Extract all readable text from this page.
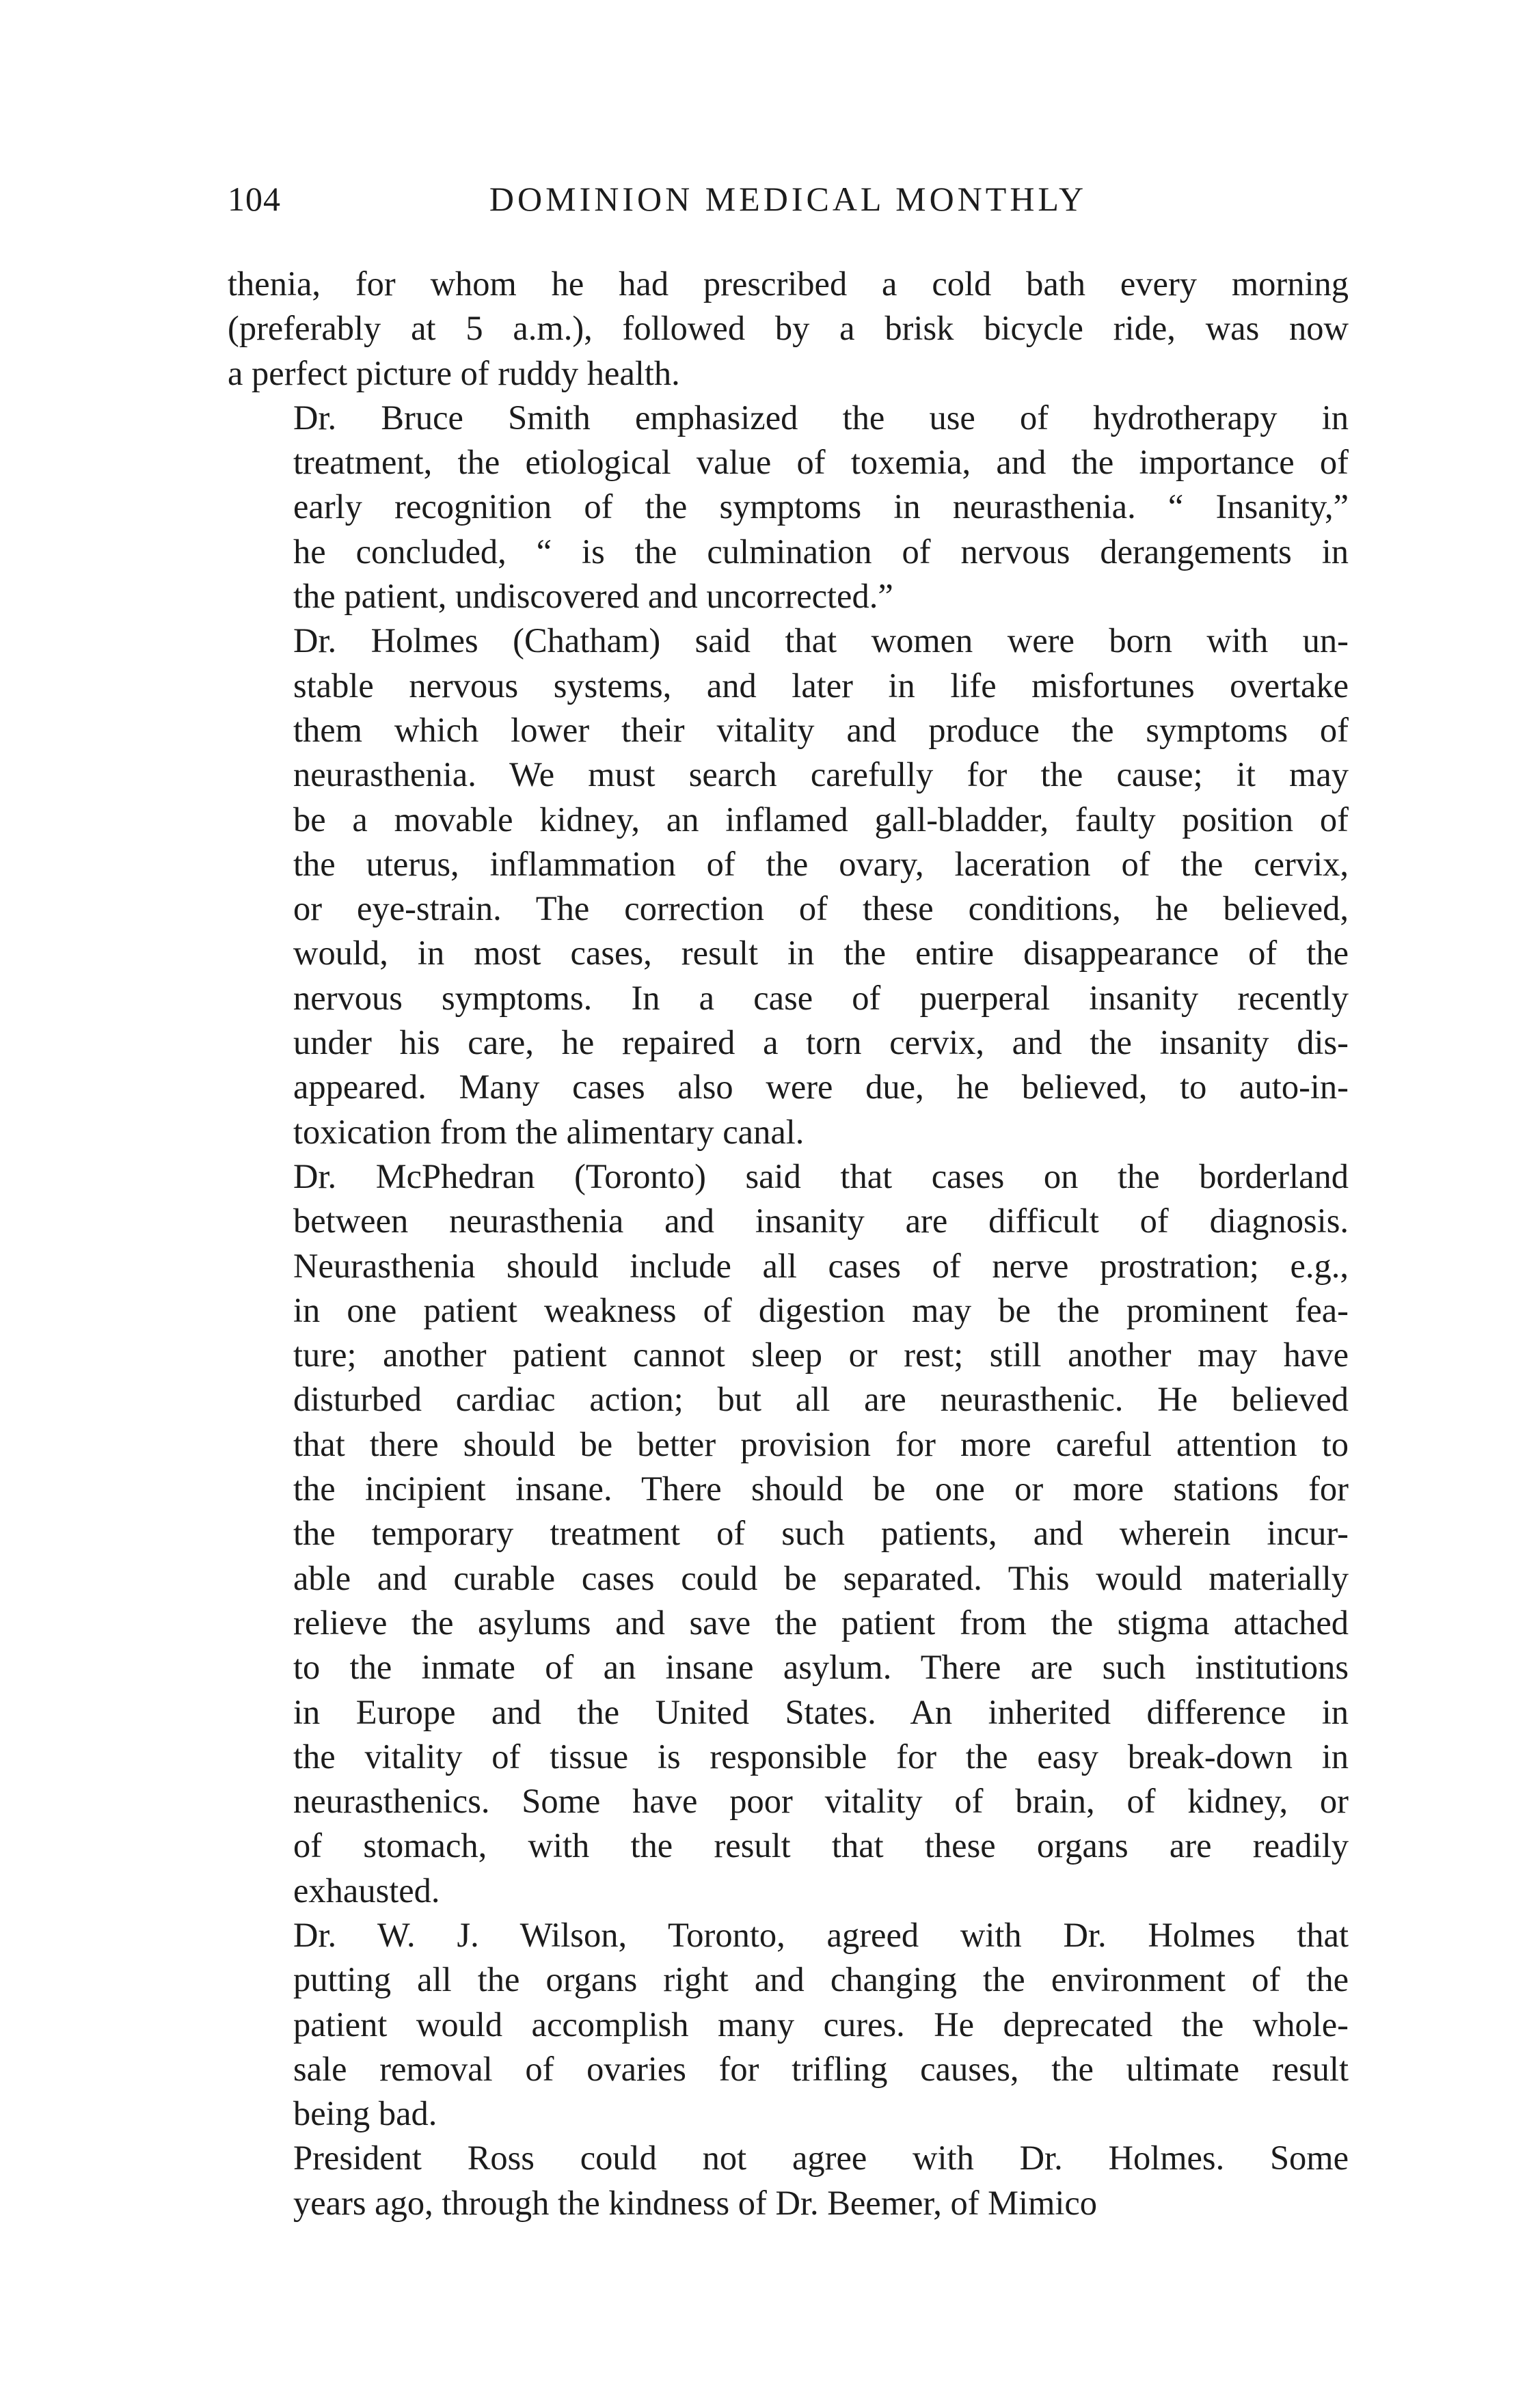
104	DOMINION MEDICAL MONTHLY

thenia, for whom he had prescribed a cold bath every morning
(preferably at 5 a.m.), followed by a brisk bicycle ride, was now
a perfect picture of ruddy health.

Dr. Bruce Smith emphasized the use of hydrotherapy in
treatment, the etiological value of toxemia, and the importance of
early recognition of the symptoms in neurasthenia. “ Insanity,”
he concluded, “ is the culmination of nervous derangements in
the patient, undiscovered and uncorrected.”

Dr. Holmes (Chatham) said that women were born with un-
stable nervous systems, and later in life misfortunes overtake
them which lower their vitality and produce the symptoms of
neurasthenia. We must search carefully for the cause; it may
be a movable kidney, an inflamed gall-bladder, faulty position of
the uterus, inflammation of the ovary, laceration of the cervix,
or eye-strain. The correction of these conditions, he believed,
would, in most cases, result in the entire disappearance of the
nervous symptoms. In a case of puerperal insanity recently
under his care, he repaired a torn cervix, and the insanity dis-
appeared. Many cases also were due, he believed, to auto-in-
toxication from the alimentary canal.

Dr. McPhedran (Toronto) said that cases on the borderland
between neurasthenia and insanity are difficult of diagnosis.
Neurasthenia should include all cases of nerve prostration; e.g.,
in one patient weakness of digestion may be the prominent fea-
ture; another patient cannot sleep or rest; still another may have
disturbed cardiac action; but all are neurasthenic. He believed
that there should be better provision for more careful attention to
the incipient insane. There should be one or more stations for
the temporary treatment of such patients, and wherein incur-
able and curable cases could be separated. This would materially
relieve the asylums and save the patient from the stigma attached
to the inmate of an insane asylum. There are such institutions
in Europe and the United States. An inherited difference in
the vitality of tissue is responsible for the easy break-down in
neurasthenics. Some have poor vitality of brain, of kidney, or
of stomach, with the result that these organs are readily
exhausted.

Dr. W. J. Wilson, Toronto, agreed with Dr. Holmes that
putting all the organs right and changing the environment of the
patient would accomplish many cures. He deprecated the whole-
sale removal of ovaries for trifling causes, the ultimate result
being bad.

President Ross could not agree with Dr. Holmes. Some
years ago, through the kindness of Dr. Beemer, of Mimico
